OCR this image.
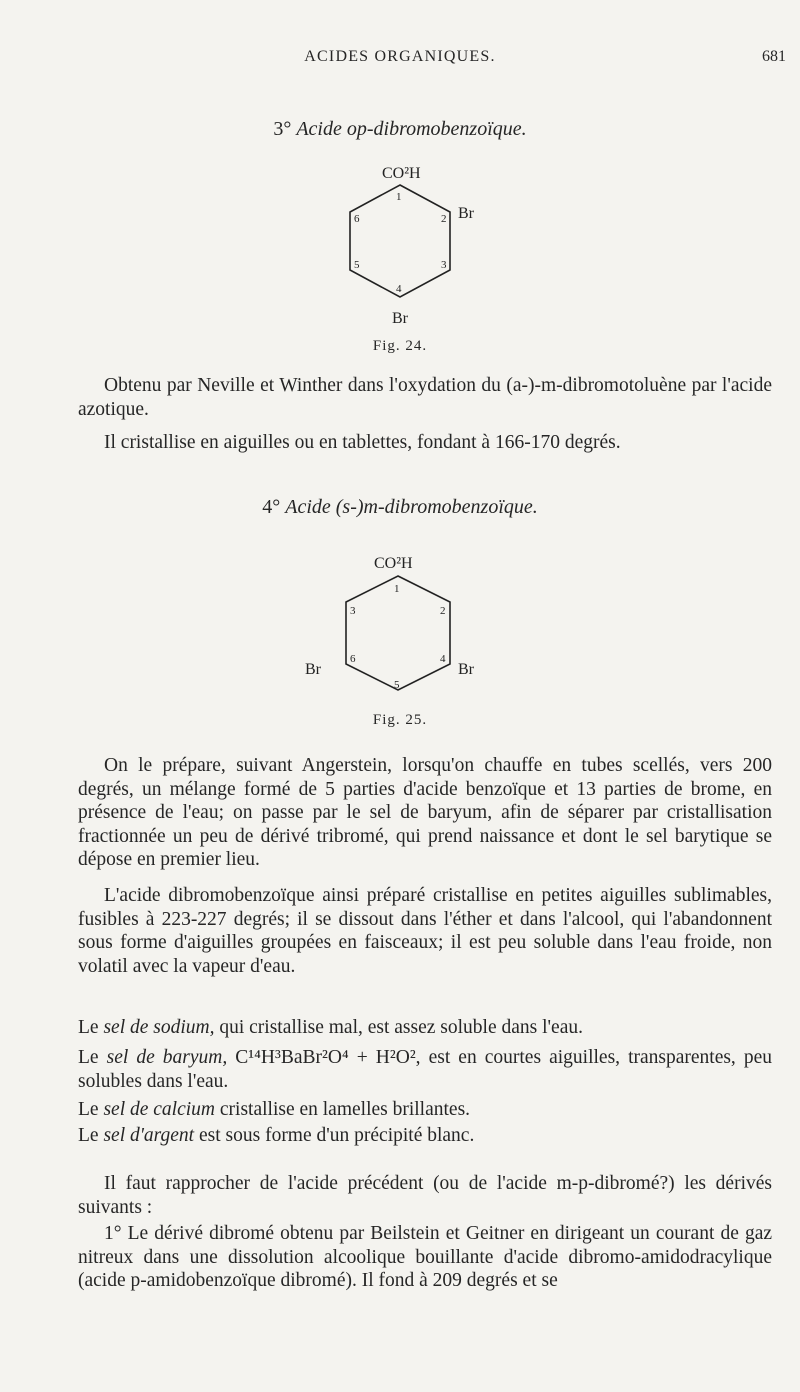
ACIDES ORGANIQUES.	681
3° Acide op-dibromobenzoïque.
CO²H
Br
Br
1
2
3
4
5
6
Fig. 24.

Obtenu par Neville et Winther dans l'oxydation du (a-)-m-dibromotoluène par l'acide azotique.

Il cristallise en aiguilles ou en tablettes, fondant à 166-170 degrés.

4° Acide (s-)m-dibromobenzoïque.
CO²H
Br	Br
1
2
3
4
5
6
Fig. 25.

On le prépare, suivant Angerstein, lorsqu'on chauffe en tubes scellés, vers 200 degrés, un mélange formé de 5 parties d'acide benzoïque et 13 parties de brome, en présence de l'eau; on passe par le sel de baryum, afin de séparer par cristallisation fractionnée un peu de dérivé tribromé, qui prend naissance et dont le sel barytique se dépose en premier lieu.

L'acide dibromobenzoïque ainsi préparé cristallise en petites aiguilles sublimables, fusibles à 223-227 degrés; il se dissout dans l'éther et dans l'alcool, qui l'abandonnent sous forme d'aiguilles groupées en faisceaux; il est peu soluble dans l'eau froide, non volatil avec la vapeur d'eau.

Le sel de sodium, qui cristallise mal, est assez soluble dans l'eau.

Le sel de baryum, C¹⁴H³BaBr²O⁴ + H²O², est en courtes aiguilles, transparentes, peu solubles dans l'eau.

Le sel de calcium cristallise en lamelles brillantes.

Le sel d'argent est sous forme d'un précipité blanc.

Il faut rapprocher de l'acide précédent (ou de l'acide m-p-dibromé?) les dérivés suivants :

1° Le dérivé dibromé obtenu par Beilstein et Geitner en dirigeant un courant de gaz nitreux dans une dissolution alcoolique bouillante d'acide dibromo-amidodracylique (acide p-amidobenzoïque dibromé). Il fond à 209 degrés et se
